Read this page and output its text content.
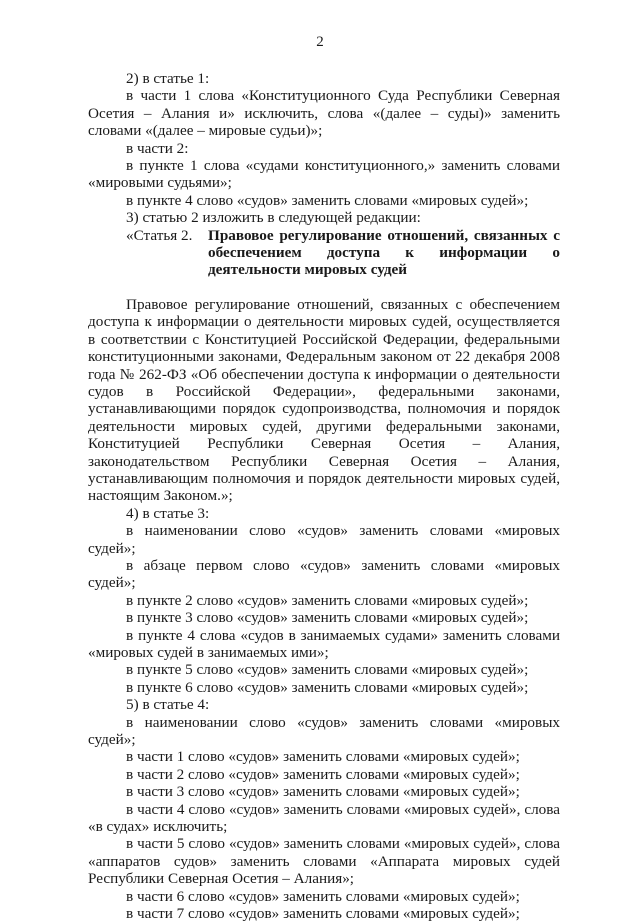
2

2) в статье 1:

в части 1 слова «Конституционного Суда Республики Северная Осетия – Алания и» исключить, слова «(далее – суды)» заменить словами «(далее – мировые судьи)»;

в части 2:

в пункте 1 слова «судами конституционного,» заменить словами «мировыми судьями»;

в пункте 4 слово «судов» заменить словами «мировых судей»;

3) статью 2 изложить в следующей редакции:

«Статья 2.	Правовое регулирование отношений, связанных с обеспечением доступа к информации о деятельности мировых судей

Правовое регулирование отношений, связанных с обеспечением доступа к информации о деятельности мировых судей, осуществляется в соответствии с Конституцией Российской Федерации, федеральными конституционными законами, Федеральным законом от 22 декабря 2008 года № 262-ФЗ «Об обеспечении доступа к информации о деятельности судов в Российской Федерации», федеральными законами, устанавливающими порядок судопроизводства, полномочия и порядок деятельности мировых судей, другими федеральными законами, Конституцией Республики Северная Осетия – Алания, законодательством Республики Северная Осетия – Алания, устанавливающим полномочия и порядок деятельности мировых судей, настоящим Законом.»;

4) в статье 3:

в наименовании слово «судов» заменить словами «мировых судей»;

в абзаце первом слово «судов» заменить словами «мировых судей»;

в пункте 2 слово «судов» заменить словами «мировых судей»;

в пункте 3 слово «судов» заменить словами «мировых судей»;

в пункте 4 слова «судов в занимаемых судами» заменить словами «мировых судей в занимаемых ими»;

в пункте 5 слово «судов» заменить словами «мировых судей»;

в пункте 6 слово «судов» заменить словами «мировых судей»;

5) в статье 4:

в наименовании слово «судов» заменить словами «мировых судей»;

в части 1 слово «судов» заменить словами «мировых судей»;

в части 2 слово «судов» заменить словами «мировых судей»;

в части 3 слово «судов» заменить словами «мировых судей»;

в части 4 слово «судов» заменить словами «мировых судей», слова «в судах» исключить;

в части 5 слово «судов» заменить словами «мировых судей», слова «аппаратов судов» заменить словами «Аппарата мировых судей Республики Северная Осетия – Алания»;

в части 6 слово «судов» заменить словами «мировых судей»;

в части 7 слово «судов» заменить словами «мировых судей»;
